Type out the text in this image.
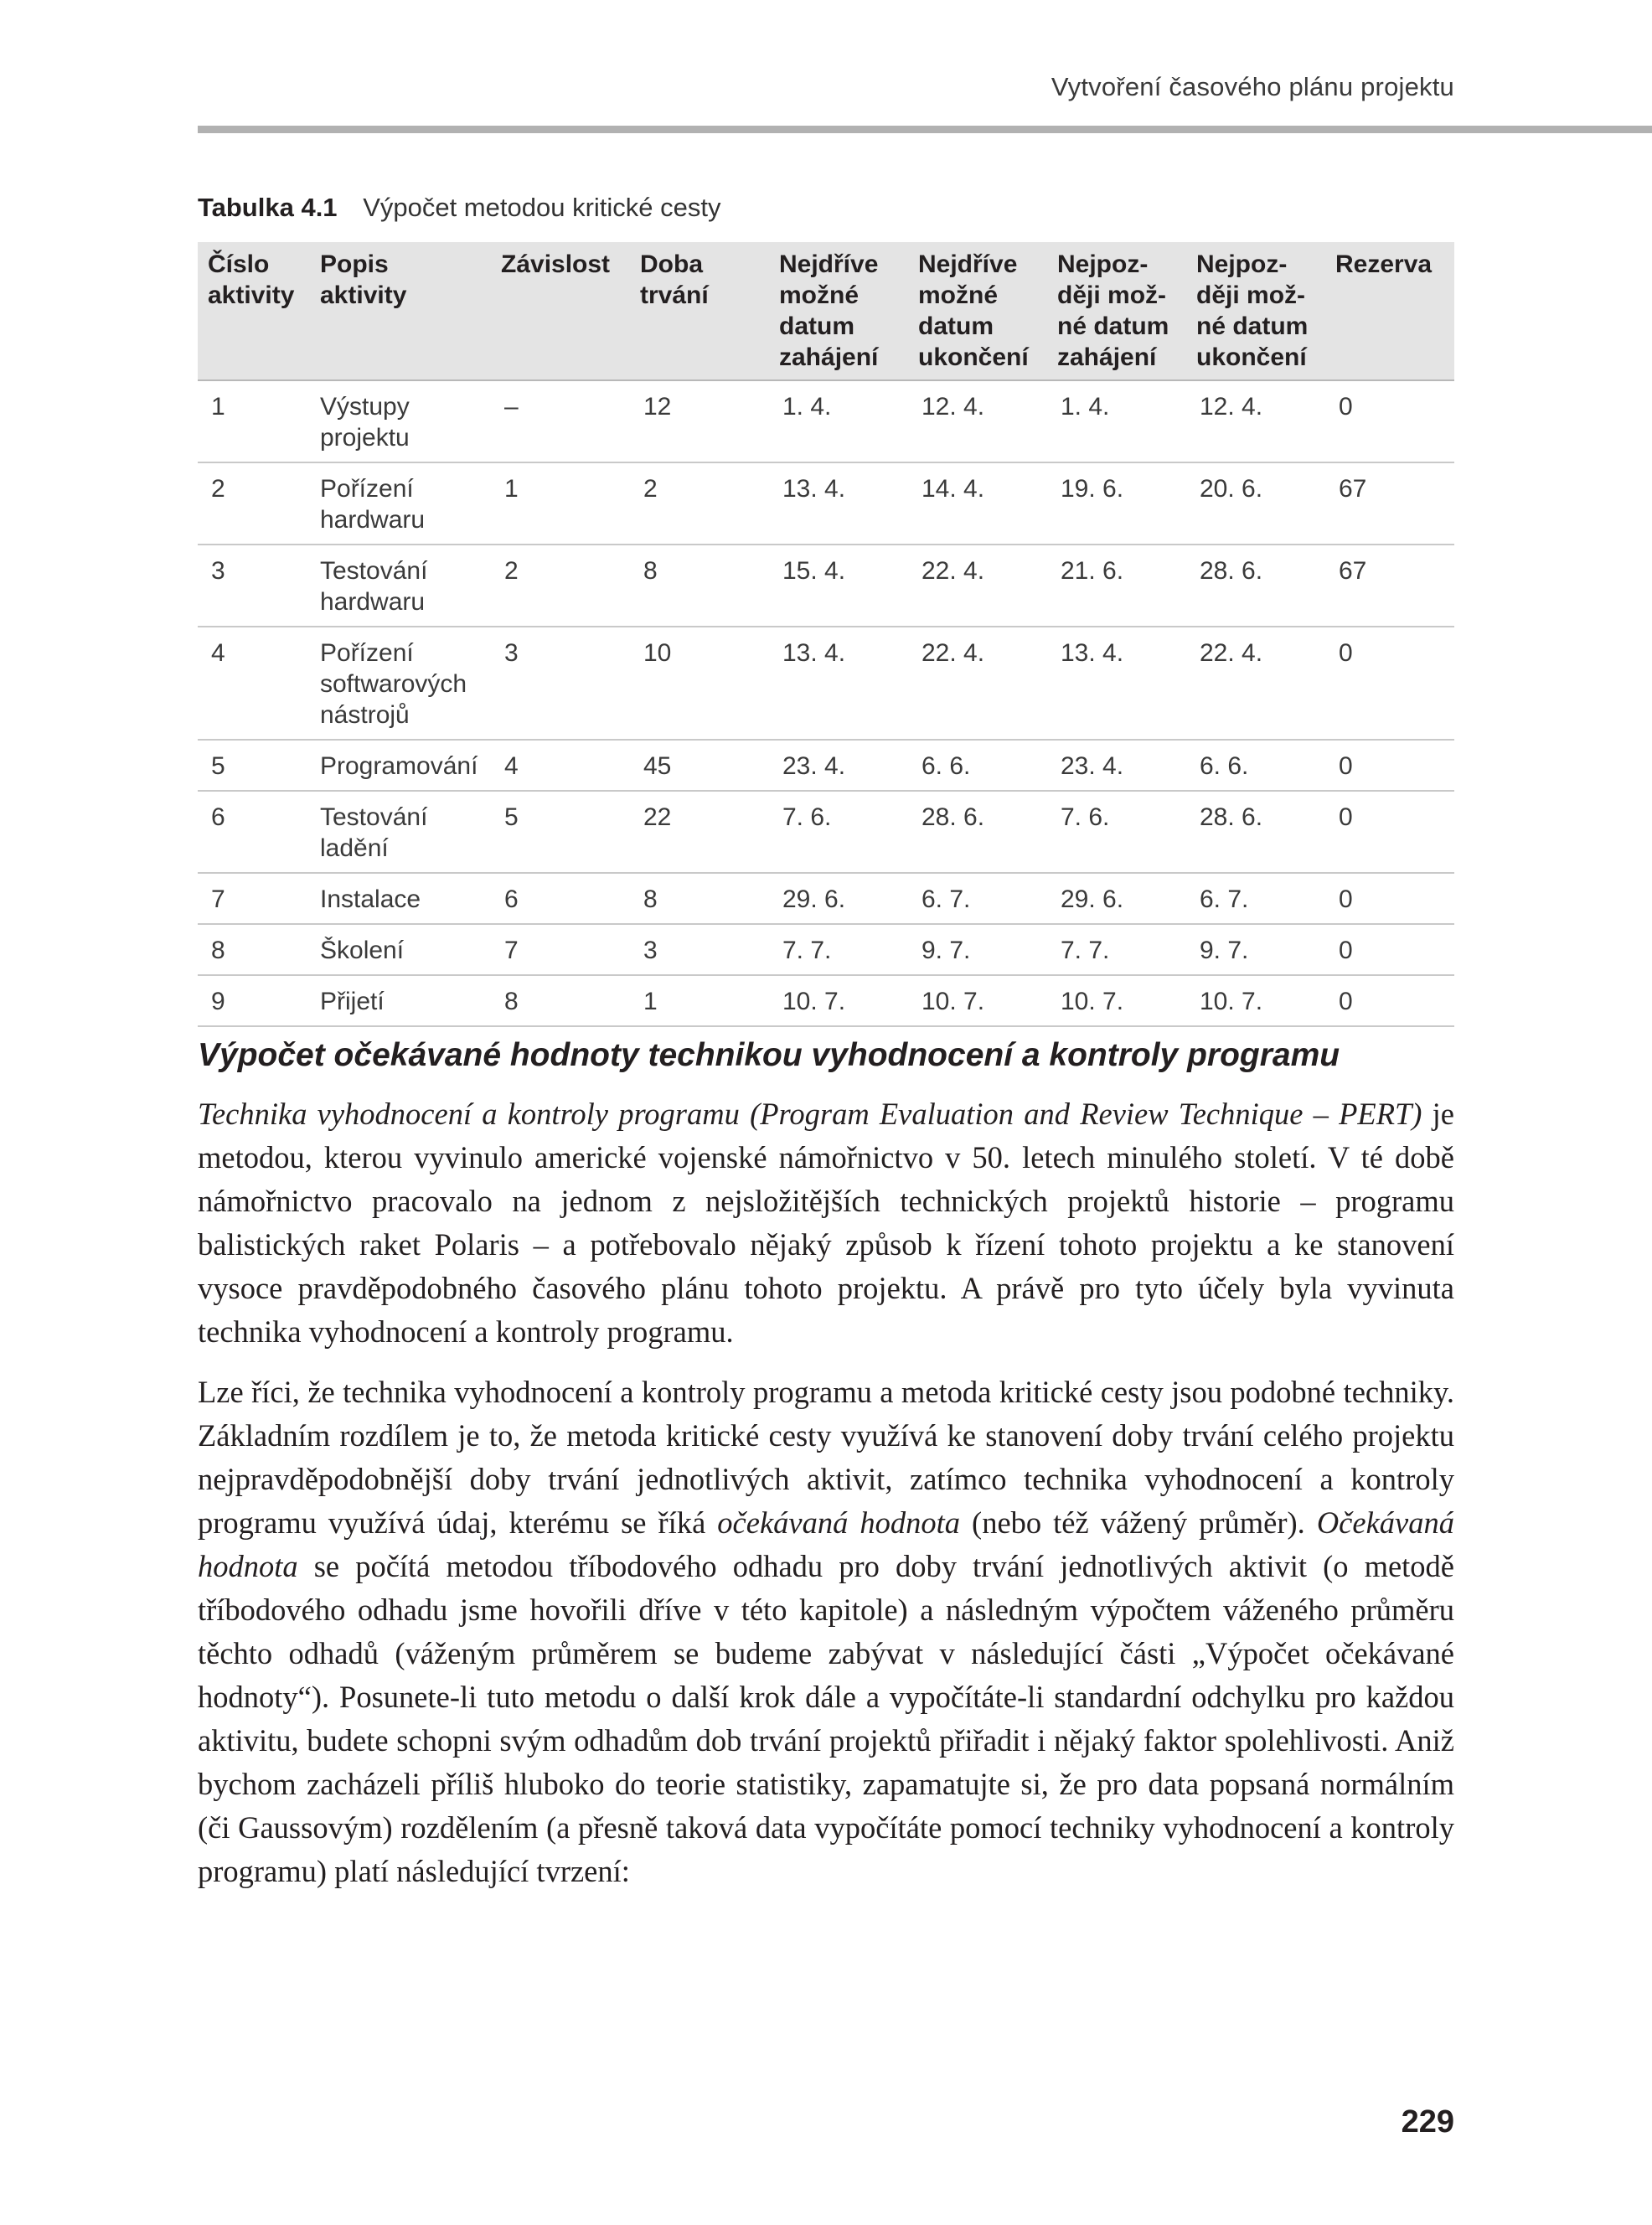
Vytvoření časového plánu projektu
Tabulka 4.1 Výpočet metodou kritické cesty
Číslo aktivity	Popis aktivity	Závislost	Doba trvání	Nejdříve možné datum zahájení	Nejdříve možné datum ukončení	Nejpoz-ději mož-né datum zahájení	Nejpoz-ději mož-né datum ukončení	Rezerva
1	Výstupy projektu	–	12	1. 4.	12. 4.	1. 4.	12. 4.	0
2	Pořízení hardwaru	1	2	13. 4.	14. 4.	19. 6.	20. 6.	67
3	Testování hardwaru	2	8	15. 4.	22. 4.	21. 6.	28. 6.	67
4	Pořízení softwarových nástrojů	3	10	13. 4.	22. 4.	13. 4.	22. 4.	0
5	Programování	4	45	23. 4.	6. 6.	23. 4.	6. 6.	0
6	Testování ladění	5	22	7. 6.	28. 6.	7. 6.	28. 6.	0
7	Instalace	6	8	29. 6.	6. 7.	29. 6.	6. 7.	0
8	Školení	7	3	7. 7.	9. 7.	7. 7.	9. 7.	0
9	Přijetí	8	1	10. 7.	10. 7.	10. 7.	10. 7.	0
Výpočet očekávané hodnoty technikou vyhodnocení a kontroly programu

Technika vyhodnocení a kontroly programu (Program Evaluation and Review Technique – PERT) je metodou, kterou vyvinulo americké vojenské námořnictvo v 50. letech minulého století. V té době námořnictvo pracovalo na jednom z nejsložitějších technických projektů historie – programu balistických raket Polaris – a potřebovalo nějaký způsob k řízení tohoto projektu a ke stanovení vysoce pravděpodobného časového plánu tohoto projektu. A právě pro tyto účely byla vyvinuta technika vyhodnocení a kontroly programu.

Lze říci, že technika vyhodnocení a kontroly programu a metoda kritické cesty jsou podobné techniky. Základním rozdílem je to, že metoda kritické cesty využívá ke stanovení doby trvání celého projektu nejpravděpodobnější doby trvání jednotlivých aktivit, zatímco technika vyhodnocení a kontroly programu využívá údaj, kterému se říká očekávaná hodnota (nebo též vážený průměr). Očekávaná hodnota se počítá metodou tříbodového odhadu pro doby trvání jednotlivých aktivit (o metodě tříbodového odhadu jsme hovořili dříve v této kapitole) a následným výpočtem váženého průměru těchto odhadů (váženým průměrem se budeme zabývat v následující části „Výpočet očekávané hodnoty“). Posunete-li tuto metodu o další krok dále a vypočítáte-li standardní odchylku pro každou aktivitu, budete schopni svým odhadům dob trvání projektů přiřadit i nějaký faktor spolehlivosti. Aniž bychom zacházeli příliš hluboko do teorie statistiky, zapamatujte si, že pro data popsaná normálním (či Gaussovým) rozdělením (a přesně taková data vypočítáte pomocí techniky vyhodnocení a kontroly programu) platí následující tvrzení:

229
